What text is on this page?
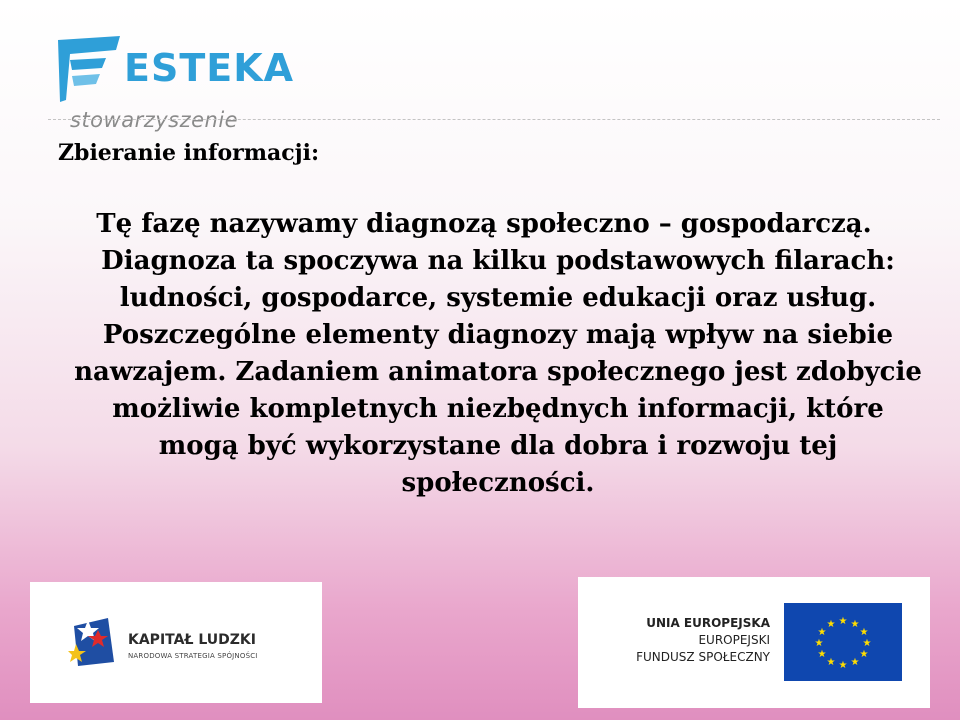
ESTEKA
stowarzyszenie
Zbieranie informacji:
Tę fazę nazywamy diagnozą społeczno – gospodarczą. Diagnoza ta spoczywa na kilku podstawowych filarach: ludności, gospodarce, systemie edukacji oraz usług. Poszczególne elementy diagnozy mają wpływ na siebie nawzajem. Zadaniem animatora społecznego jest zdobycie możliwie kompletnych niezbędnych informacji, które mogą być wykorzystane dla dobra i rozwoju tej społeczności.
KAPITAŁ LUDZKI
NARODOWA STRATEGIA SPÓJNOŚCI
UNIA EUROPEJSKA
EUROPEJSKI
FUNDUSZ SPOŁECZNY
★ ★
★
★
★
★
★
★
★
★
★
★
